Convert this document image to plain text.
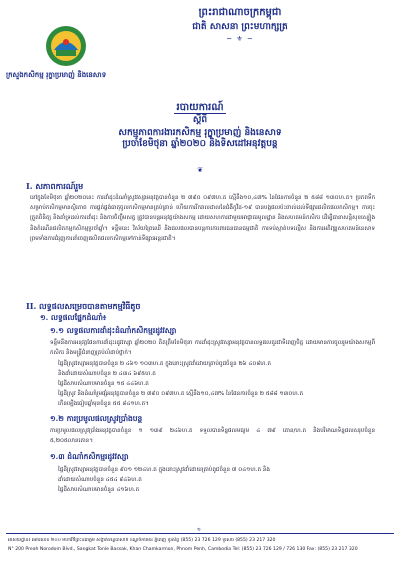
ព្រះរាជាណាចក្រកម្ពុជា
ជាតិ សាសនា ព្រះមហាក្សត្រ
~ ⚜ ~
ក្រសួងកសិកម្ម រុក្ខាប្រមាញ់ និងនេសាទ
របាយការណ៍
ស្តីពី
សកម្មភាពការងារកសិកម្ម រុក្ខាប្រមាញ់ និងនេសាទ
ប្រចាំខែមិថុនា ឆ្នាំ២០២០ និងទិសដៅអនុវត្តបន្ត
❦
I. សភាពការណ៍រួម
នៅក្នុងខែមិថុនា ឆ្នាំ២០២០នេះ ការដាំដុះដំណាំស្រូវវស្សាអនុវត្តបានចំនួន ២ ៧៩០ ០៩៧ហ.ត ស្មើនឹង១០,៤៧% នៃផែនការចំនួន ២ ៥៨៨ ១៣០ហ.ត។ ប្រភពទឹកសម្រាប់កសិកម្មមានស្ថិរភាព ការផ្គត់ផ្គង់ធាតុចូលកសិកម្មមានគ្រប់គ្រាន់ ហើយការរីករាលដាលនៃជំងឺកូវីដ-១៩ បានបង្កផលប៉ះពាល់ដល់ទីផ្សារផលិតផលកសិកម្ម។ ការចុះត្រួតពិនិត្យ និងគាំទ្រដល់ការដាំដុះ និងការចិញ្ចឹមសត្វ ត្រូវបានបន្តអនុវត្តយ៉ាងសកម្ម ដោយសហការជាមួយអាជ្ញាធរមូលដ្ឋាន និងសហគមន៍កសិករ ដើម្បីធានាសន្តិសុខស្បៀង និងកំណើនផលិតកម្មកសិកម្មប្រចាំឆ្នាំ។ ទន្ទឹមនេះ វិស័យព្រៃឈើ និងជលផលបានបន្តការការពារធនធានធម្មជាតិ ការទប់ស្កាត់បទល្មើស និងការអភិវឌ្ឍសហគមន៍នេសាទ ព្រមទាំងការជំរុញការនាំចេញផលិតផលកសិកម្មទៅកាន់ទីផ្សារអន្តរជាតិ។
II. លទ្ធផលសម្រេចបានតាមកម្មវិធីតូច
១. លទ្ធផលផ្នែកដំណាំ៖
១.១ លទ្ធផលការដាំដុះដំណាំកសិកម្មរដូវវស្សា
ទន្ទឹមនឹងការអនុវត្តផែនការដាំដុះរដូវវស្សា ឆ្នាំ២០២០ គិតត្រឹមខែមិថុនា ការដាំដុះស្រូវវស្សាអនុវត្តបានលទ្ធផលគួរជាទីពេញចិត្ត ដោយមានការចូលរួមយ៉ាងសកម្មពីកសិករ និងមន្ត្រីជំនាញគ្រប់លំដាប់ថ្នាក់។
• ផ្ទៃដីស្រូវវស្សាអនុវត្តបានចំនួន ២ ៤៦១ ១០៣ហ.ត ក្នុងនោះស្រូវដាំដោយគ្រាប់ពូជចំនួន ២៦ ៤០៨ហ.ត
• និងដាំដោយសំណាបចំនួន ២ ៤៣៤ ៦៩៥ហ.ត
• ផ្ទៃដីសាបសំណាបមានចំនួន ១៥ ៤៤៦ហ.ត
• ផ្ទៃដីស្រូវ និងដំណាំរួមផ្សំអនុវត្តបានចំនួន ២ ៧៩០ ០៩៧ហ.ត ស្មើនឹង១០,៤៧% នៃផែនការចំនួន ២ ៥៨៨ ១៣០ហ.ត
• កើនឡើងធៀបឆ្នាំមុនចំនួន ៥៥ ៨៤១ហ.ត។
១.២ ការប្រមូលផលស្រូវប្រាំងបន្ត
ការប្រមូលផលស្រូវប្រាំងអនុវត្តបានចំនួន ១ ១៣៩ ២៤៦ហ.ត ទទួលបានទិន្នផលមធ្យម ៤ ៧៩ តោន/ហ.ត និងបរិមាណទិន្នផលសរុបចំនួន ៥,២០៥លានតោន។
១.៣ ដំណាំកសិកម្មរដូវវស្សា
• ផ្ទៃដីស្រូវវស្សាអនុវត្តបានចំនួន ៩០១ ១២៤ហ.ត ក្នុងនោះស្រូវដាំដោយគ្រាប់ពូជចំនួន ៧ ០៤១ហ.ត និង
• ដាំដោយសំណាបចំនួន ៤៥៤ ៩៤៦ហ.ត
• ផ្ទៃដីសាបសំណាបមានចំនួន ៤១៦ហ.ត
១
អាសយដ្ឋាន៖ អគារលេខ ២០០ មហាវិថីព្រះនរោត្តម សង្កាត់ទន្លេបាសាក់ ខណ្ឌចំការមន ភ្នំពេញ ទូរស័ព្ទ (855) 23 726 129 ទូរសារ (855) 23 217 320
N° 200 Preah Norodom Blvd., Sangkat Tonle Bassak, Khan Chamkarmon, Phnom Penh, Cambodia Tel: (855) 23 726 129 / 726 130 Fax: (855) 23 217 320
